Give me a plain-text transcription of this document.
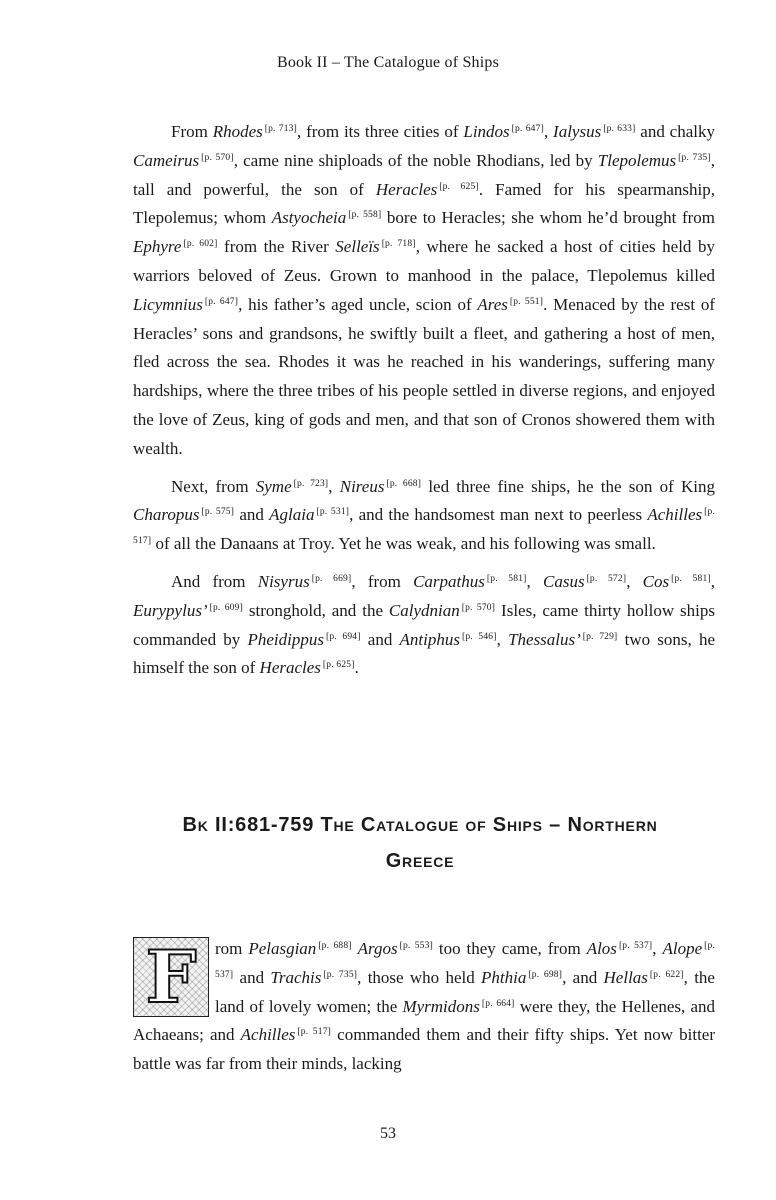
Book II – The Catalogue of Ships

From Rhodes [p. 713], from its three cities of Lindos [p. 647], Ialysus [p. 633] and chalky Cameirus [p. 570], came nine shiploads of the noble Rhodians, led by Tlepolemus [p. 735], tall and powerful, the son of Heracles [p. 625]. Famed for his spearmanship, Tlepolemus; whom Astyocheia [p. 558] bore to Heracles; she whom he’d brought from Ephyre [p. 602] from the River Selleïs [p. 718], where he sacked a host of cities held by warriors beloved of Zeus. Grown to manhood in the palace, Tlepolemus killed Licymnius [p. 647], his father’s aged uncle, scion of Ares [p. 551]. Menaced by the rest of Heracles’ sons and grandsons, he swiftly built a fleet, and gathering a host of men, fled across the sea. Rhodes it was he reached in his wanderings, suffering many hardships, where the three tribes of his people settled in diverse regions, and enjoyed the love of Zeus, king of gods and men, and that son of Cronos showered them with wealth.

Next, from Syme [p. 723], Nireus [p. 668] led three fine ships, he the son of King Charopus [p. 575] and Aglaia [p. 531], and the handsomest man next to peerless Achilles [p. 517] of all the Danaans at Troy. Yet he was weak, and his following was small.

And from Nisyrus [p. 669], from Carpathus [p. 581], Casus [p. 572], Cos [p. 581], Eurypylus’ [p. 609] stronghold, and the Calydnian [p. 570] Isles, came thirty hollow ships commanded by Pheidippus [p. 694] and Antiphus [p. 546], Thessalus’ [p. 729] two sons, he himself the son of Heracles [p. 625].

Bk II:681-759 The Catalogue of Ships – Northern
Greece
F	rom Pelasgian [p. 688] Argos [p. 553] too they came, from Alos [p. 537], Alope [p. 537] and Trachis [p. 735], those who held Phthia [p. 698], and Hellas [p. 622], the land of lovely women; the Myrmidons [p. 664] were they, the Hellenes, and Achaeans; and Achilles [p. 517] commanded them and their fifty ships. Yet now bitter battle was far from their minds, lacking

53
